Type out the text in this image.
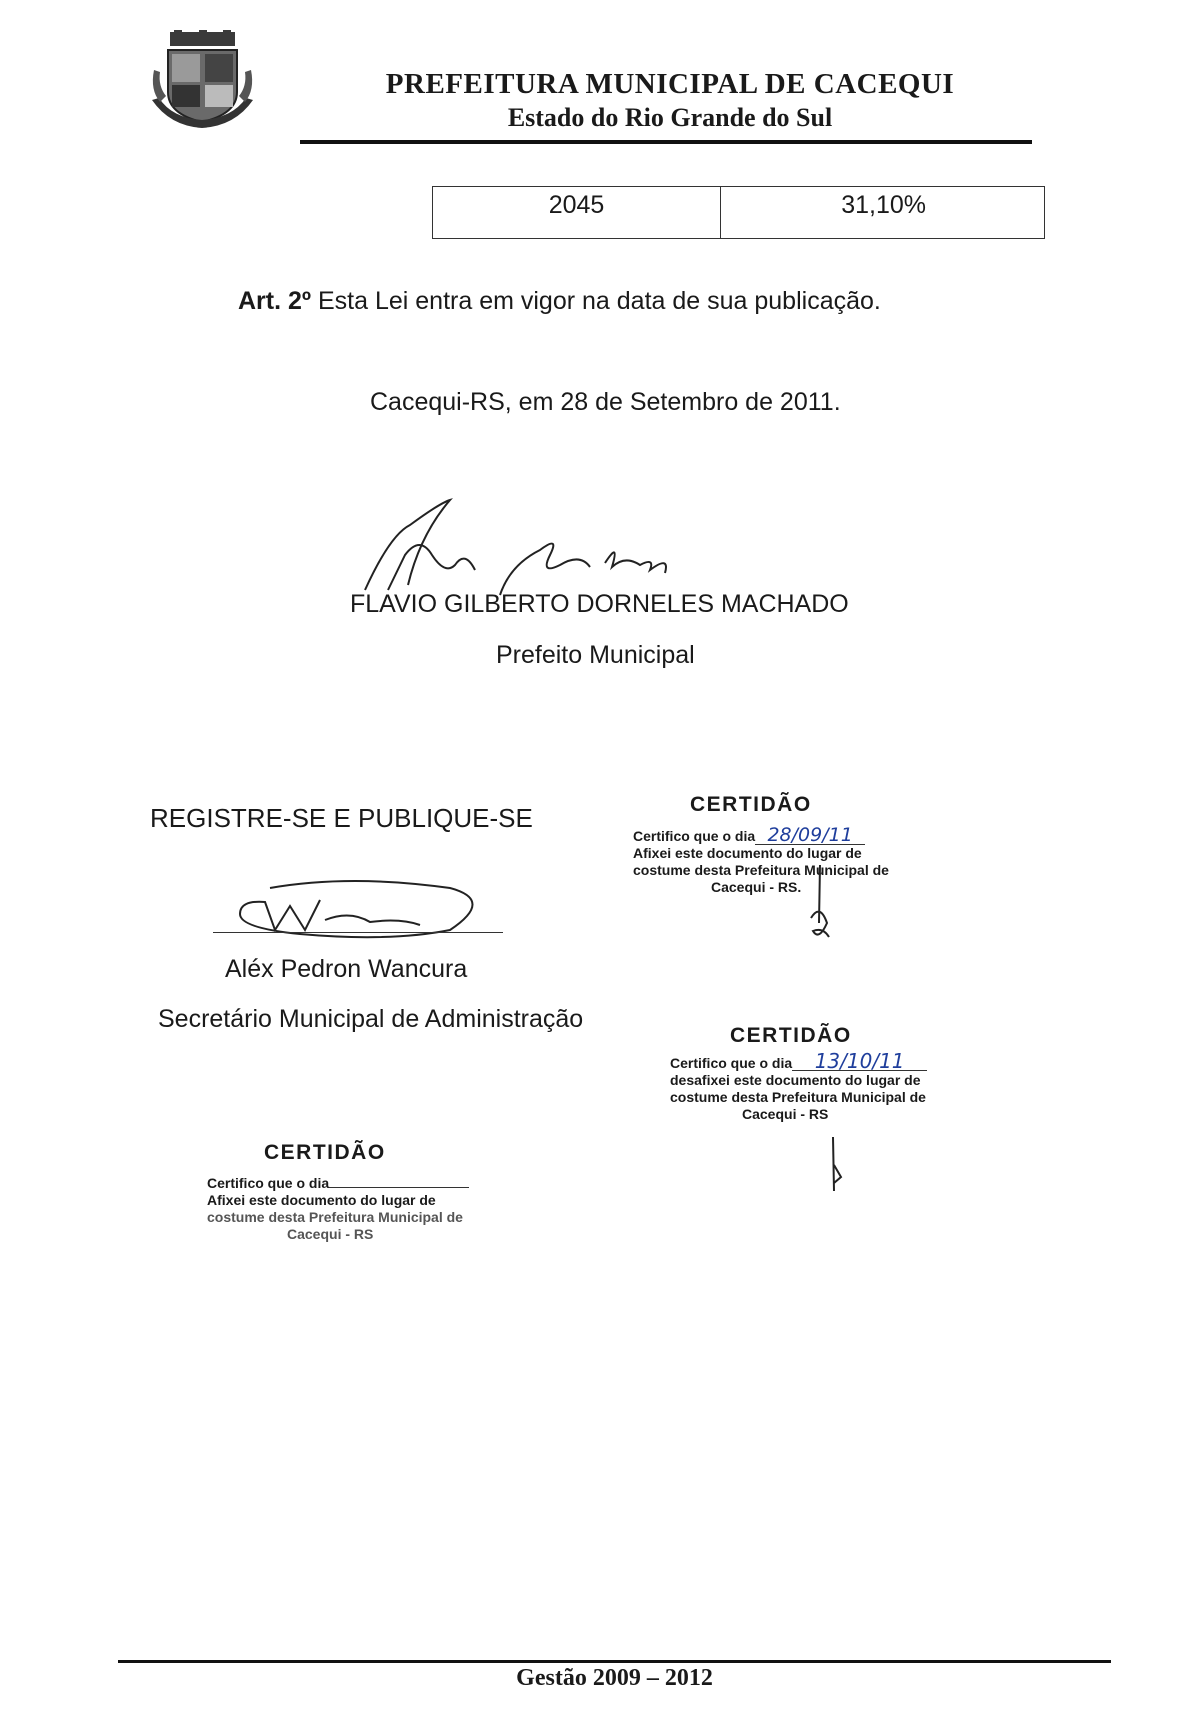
PREFEITURA MUNICIPAL DE CACEQUI
Estado do Rio Grande do Sul
2045	31,10%
Art. 2º Esta Lei entra em vigor na data de sua publicação.
Cacequi-RS, em 28 de Setembro de 2011.
FLAVIO GILBERTO DORNELES MACHADO
Prefeito Municipal
REGISTRE-SE E PUBLIQUE-SE
Aléx Pedron Wancura
Secretário Municipal de Administração
CERTIDÃO
Certifico que o dia 28/09/11
Afixei este documento do lugar de
costume desta Prefeitura Municipal de
Cacequi - RS.
CERTIDÃO
Certifico que o dia 13/10/11
desafixei este documento do lugar de
costume desta Prefeitura Municipal de
Cacequi - RS
CERTIDÃO
Certifico que o dia
Afixei este documento do lugar de
costume desta Prefeitura Municipal de
Cacequi - RS
Gestão 2009 – 2012
